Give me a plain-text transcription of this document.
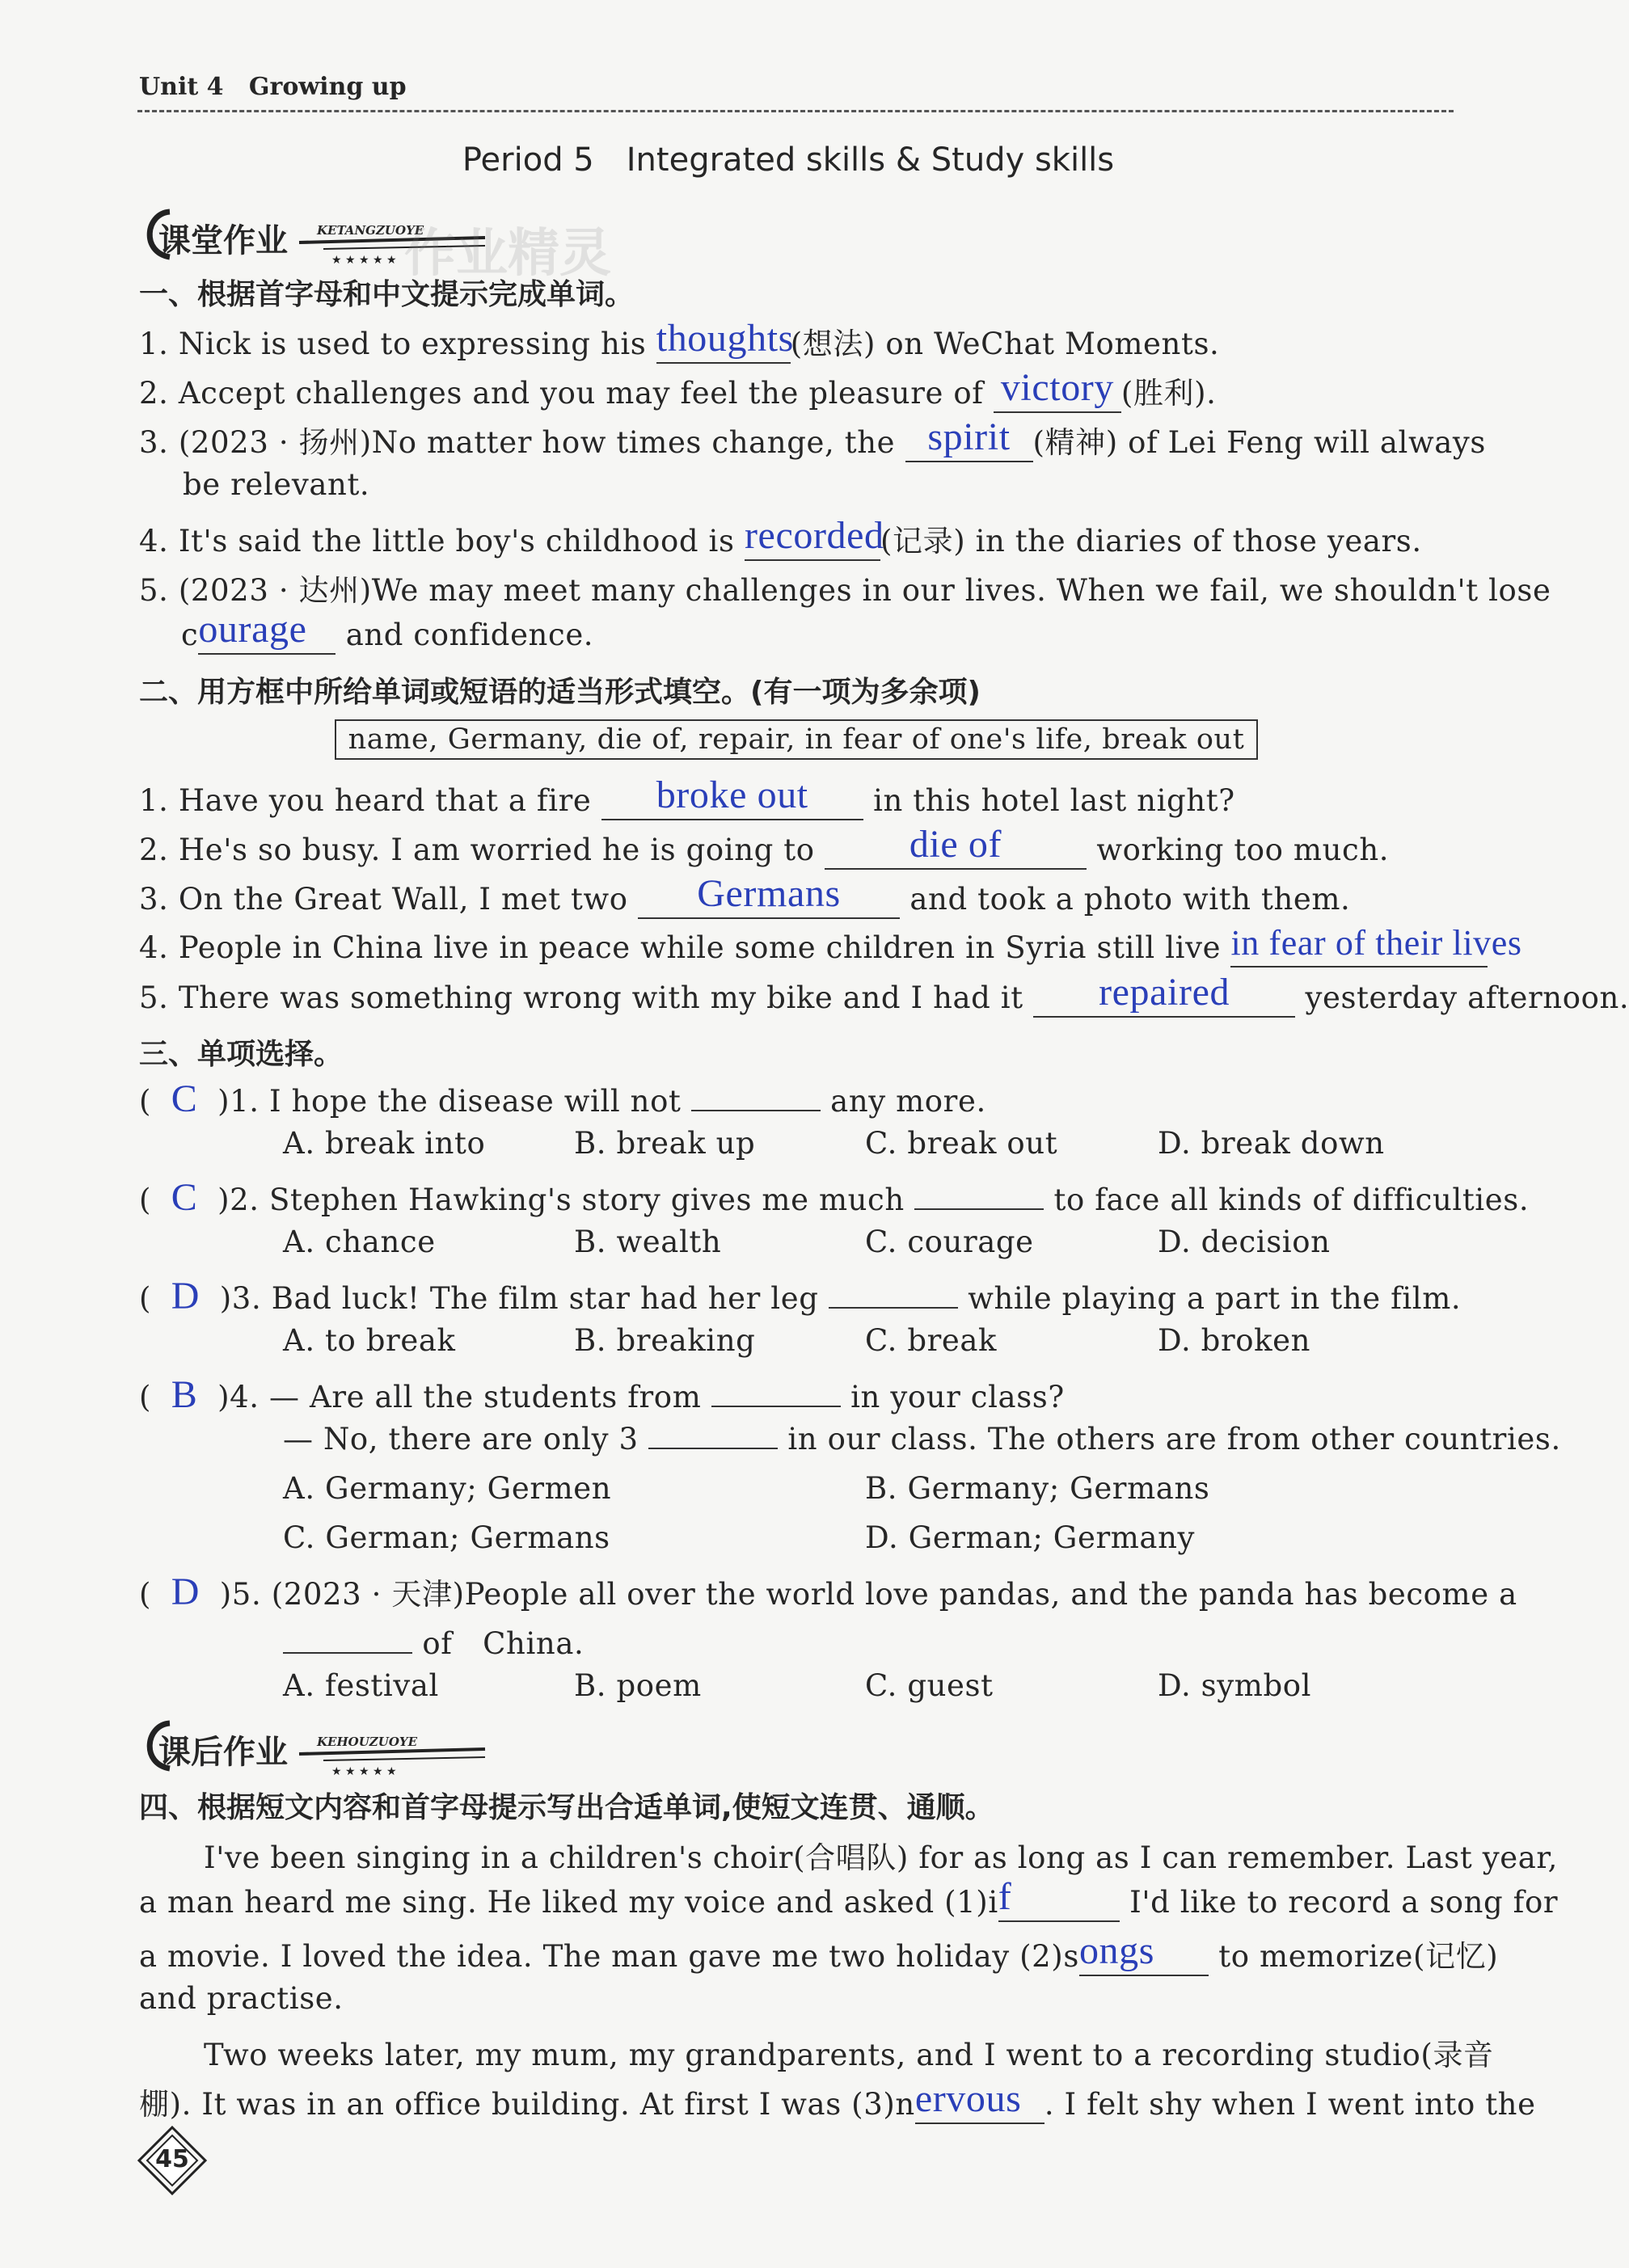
Unit 4 Growing up
Period 5　Integrated skills & Study skills
★ ★ ★ ★ ★
课堂作业 KETANGZUOYE
作业精灵
一、根据首字母和中文提示完成单词。
1. Nick is used to expressing his thoughts(想法) on WeChat Moments.
2. Accept challenges and you may feel the pleasure of victory (胜利).
3. (2023 · 扬州)No matter how times change, the spirit (精神) of Lei Feng will always
be relevant.
4. It's said the little boy's childhood is recorded(记录) in the diaries of those years.
5. (2023 · 达州)We may meet many challenges in our lives. When we fail, we shouldn't lose
courage and confidence.
二、用方框中所给单词或短语的适当形式填空。(有一项为多余项)
name, Germany, die of, repair, in fear of one's life, break out
1. Have you heard that a fire broke out in this hotel last night?
2. He's so busy. I am worried he is going to die of	working too much.
3. On the Great Wall, I met two Germans and took a photo with them.
4. People in China live in peace while some children in Syria still live in fear of their lives
5. There was something wrong with my bike and I had it repaired yesterday afternoon.
三、单项选择。
(  C )1. I hope the disease will not	any more.
A. break into	B. break up	C. break out	D. break down
(  C )2. Stephen Hawking's story gives me much	to face all kinds of difficulties.
A. chance	B. wealth	C. courage	D. decision
(  D )3. Bad luck! The film star had her leg	while playing a part in the film.
A. to break	B. breaking	C. break	D. broken
(  B )4. — Are all the students from	in your class?
— No, there are only 3	in our class. The others are from other countries.
A. Germany; Germen	B. Germany; Germans
C. German; Germans	D. German; Germany
(  D )5. (2023 · 天津)People all over the world love pandas, and the panda has become a
of　China.
A. festival	B. poem	C. guest	D. symbol
★ ★ ★ ★ ★
课后作业 KEHOUZUOYE
四、根据短文内容和首字母提示写出合适单词,使短文连贯、通顺。
I've been singing in a children's choir(合唱队) for as long as I can remember. Last year,
a man heard me sing. He liked my voice and asked (1)if	I'd like to record a song for
a movie. I loved the idea. The man gave me two holiday (2)songs to memorize(记忆)
and practise.
Two weeks later, my mum, my grandparents, and I went to a recording studio(录音
棚). It was in an office building. At first I was (3)nervous . I felt shy when I went into the
45
